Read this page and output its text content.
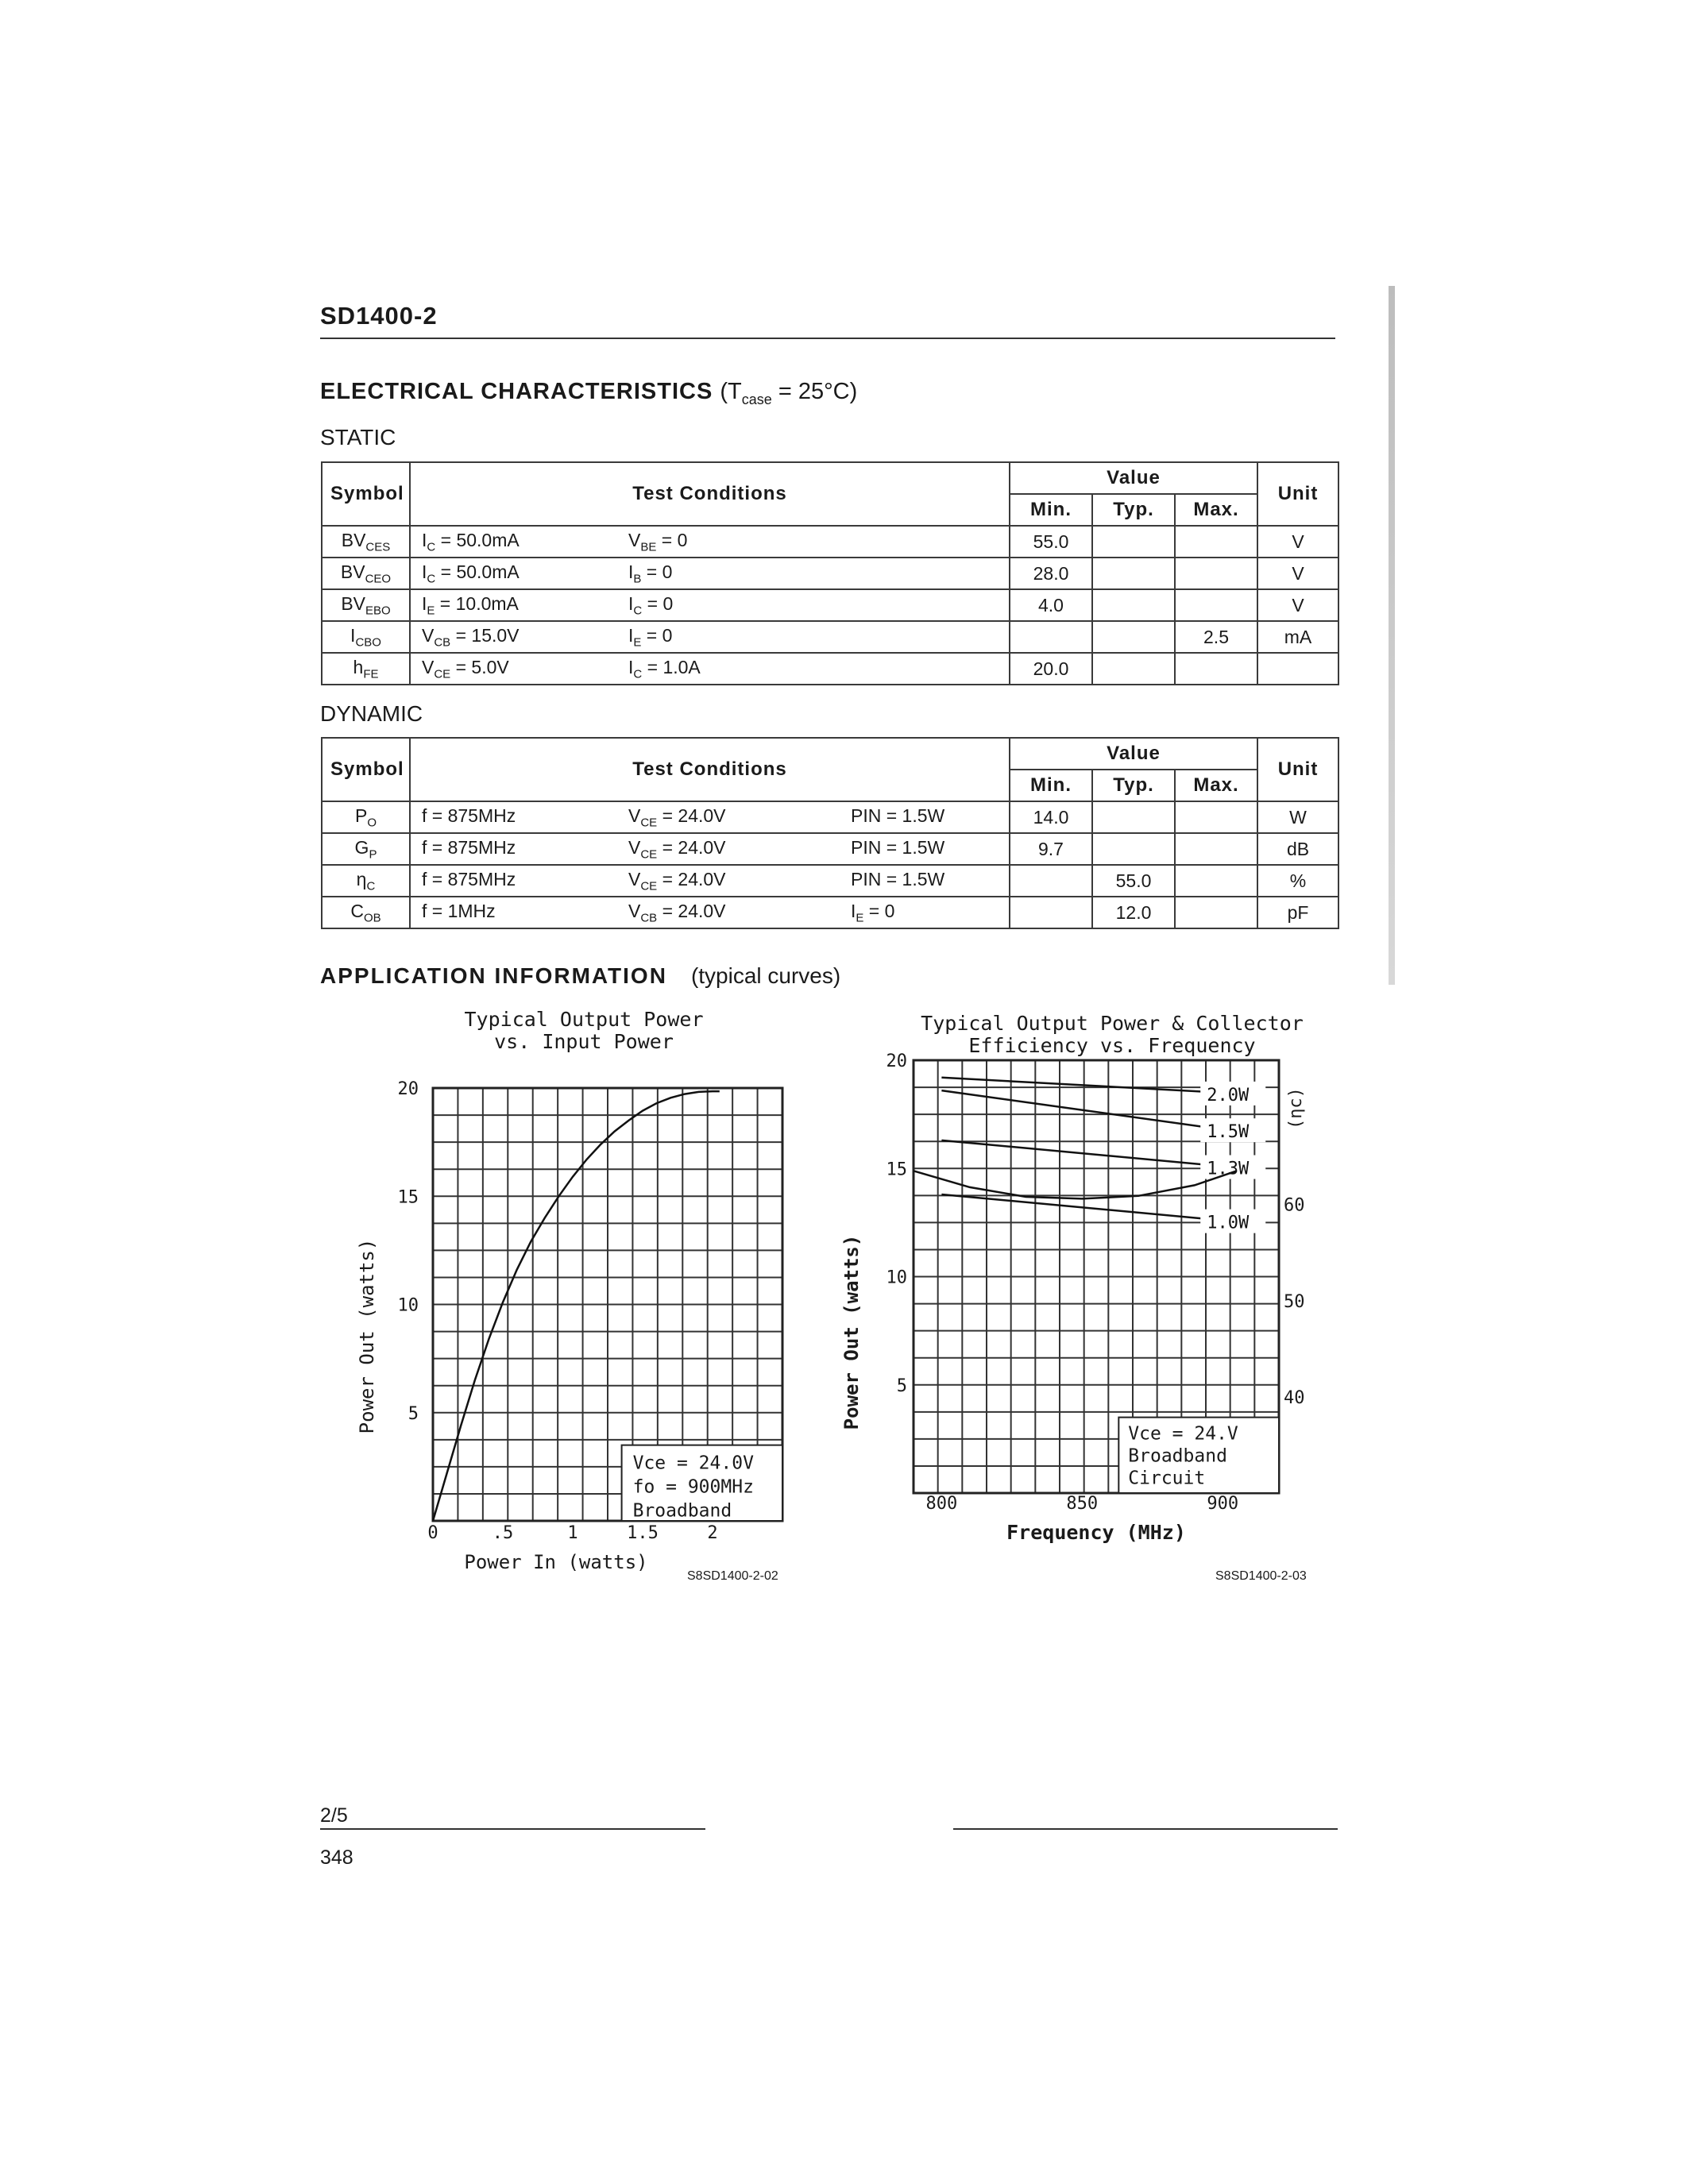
SD1400-2
ELECTRICAL CHARACTERISTICS $(T_{case} = 25^\circ C)$
STATIC
Symbol	Test Conditions	Value			Unit
		Min.	Typ.	Max.	
$BV_{CES}$	$I_C = 50.0mA$ $V_{BE} = 0$	55.0			V
$BV_{CEO}$	$I_C = 50.0mA$ $I_B = 0$	28.0			V
$BV_{EBO}$	$I_E = 10.0mA$ $I_C = 0$	4.0			V
$I_{CBO}$	$V_{CB} = 15.0V$ $I_E = 0$			2.5	mA
$h_{FE}$	$V_{CE} = 5.0V$ $I_C = 1.0A$	20.0			
DYNAMIC
Symbol	Test Conditions	Value			Unit
		Min.	Typ.	Max.	
$P_O$	f = 875MHz $V_{CE} = 24.0V$ PIN = 1.5W	14.0			W
$G_P$	f = 875MHz $V_{CE} = 24.0V$ PIN = 1.5W	9.7			dB
$\eta_C$	f = 875MHz $V_{CE} = 24.0V$ PIN = 1.5W		55.0		%
$C_{OB}$	f = 1MHz $V_{CB} = 24.0V$ $I_E = 0$		12.0		pF
APPLICATION INFORMATION (typical curves)
Typical Output Power
vs. Input Power
5
10
15
20
0	.5	1	1.5	2
Power In (watts)
Power Out (watts)
Vce = 24.0V
fo = 900MHz
Broadband
Typical Output Power & Collector
Efficiency vs. Frequency
5
10
15
20
40
50
60
800	850	900
Frequency (MHz)
Power Out (watts)
(ηc)
2.0W
1.5W
1.3W
1.0W
Vce = 24.V
Broadband
Circuit
S8SD1400-2-02	S8SD1400-2-03
2/5
348
